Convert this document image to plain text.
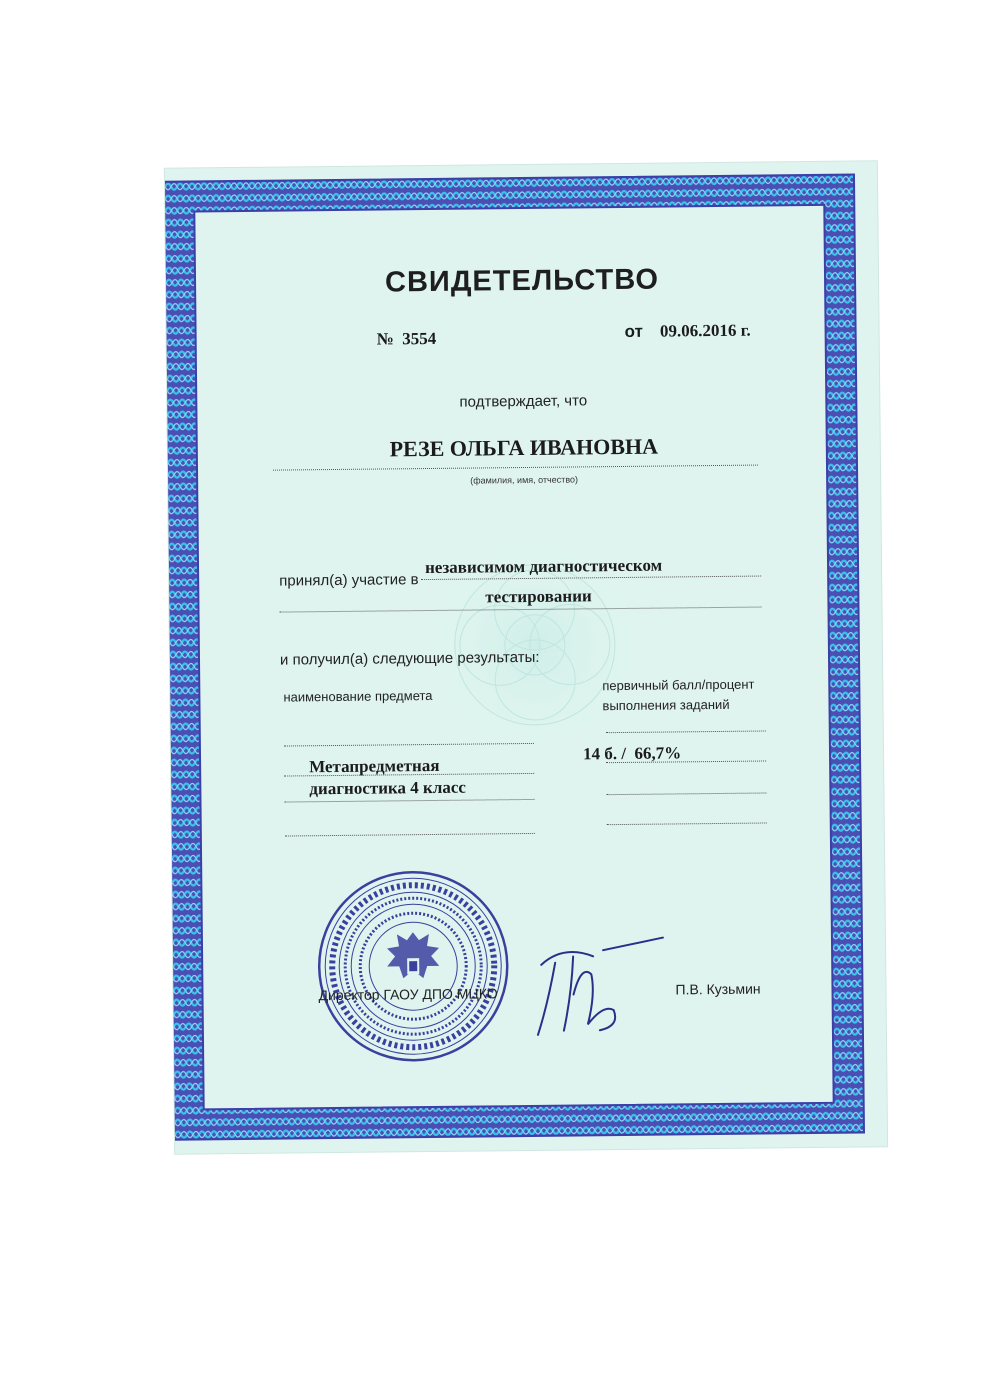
СВИДЕТЕЛЬСТВО
№ 3554	от 09.06.2016 г.
подтверждает, что
РЕЗЕ ОЛЬГА ИВАНОВНА
(фамилия, имя, отчество)
принял(а) участие в
независимом диагностическом
тестировании
и получил(а) следующие результаты:
наименование предмета
первичный балл/процент
выполнения заданий
Метапредметная
диагностика 4 класс
14 б. /  66,7%
Директор ГАОУ ДПО МЦКО	П.В. Кузьмин
